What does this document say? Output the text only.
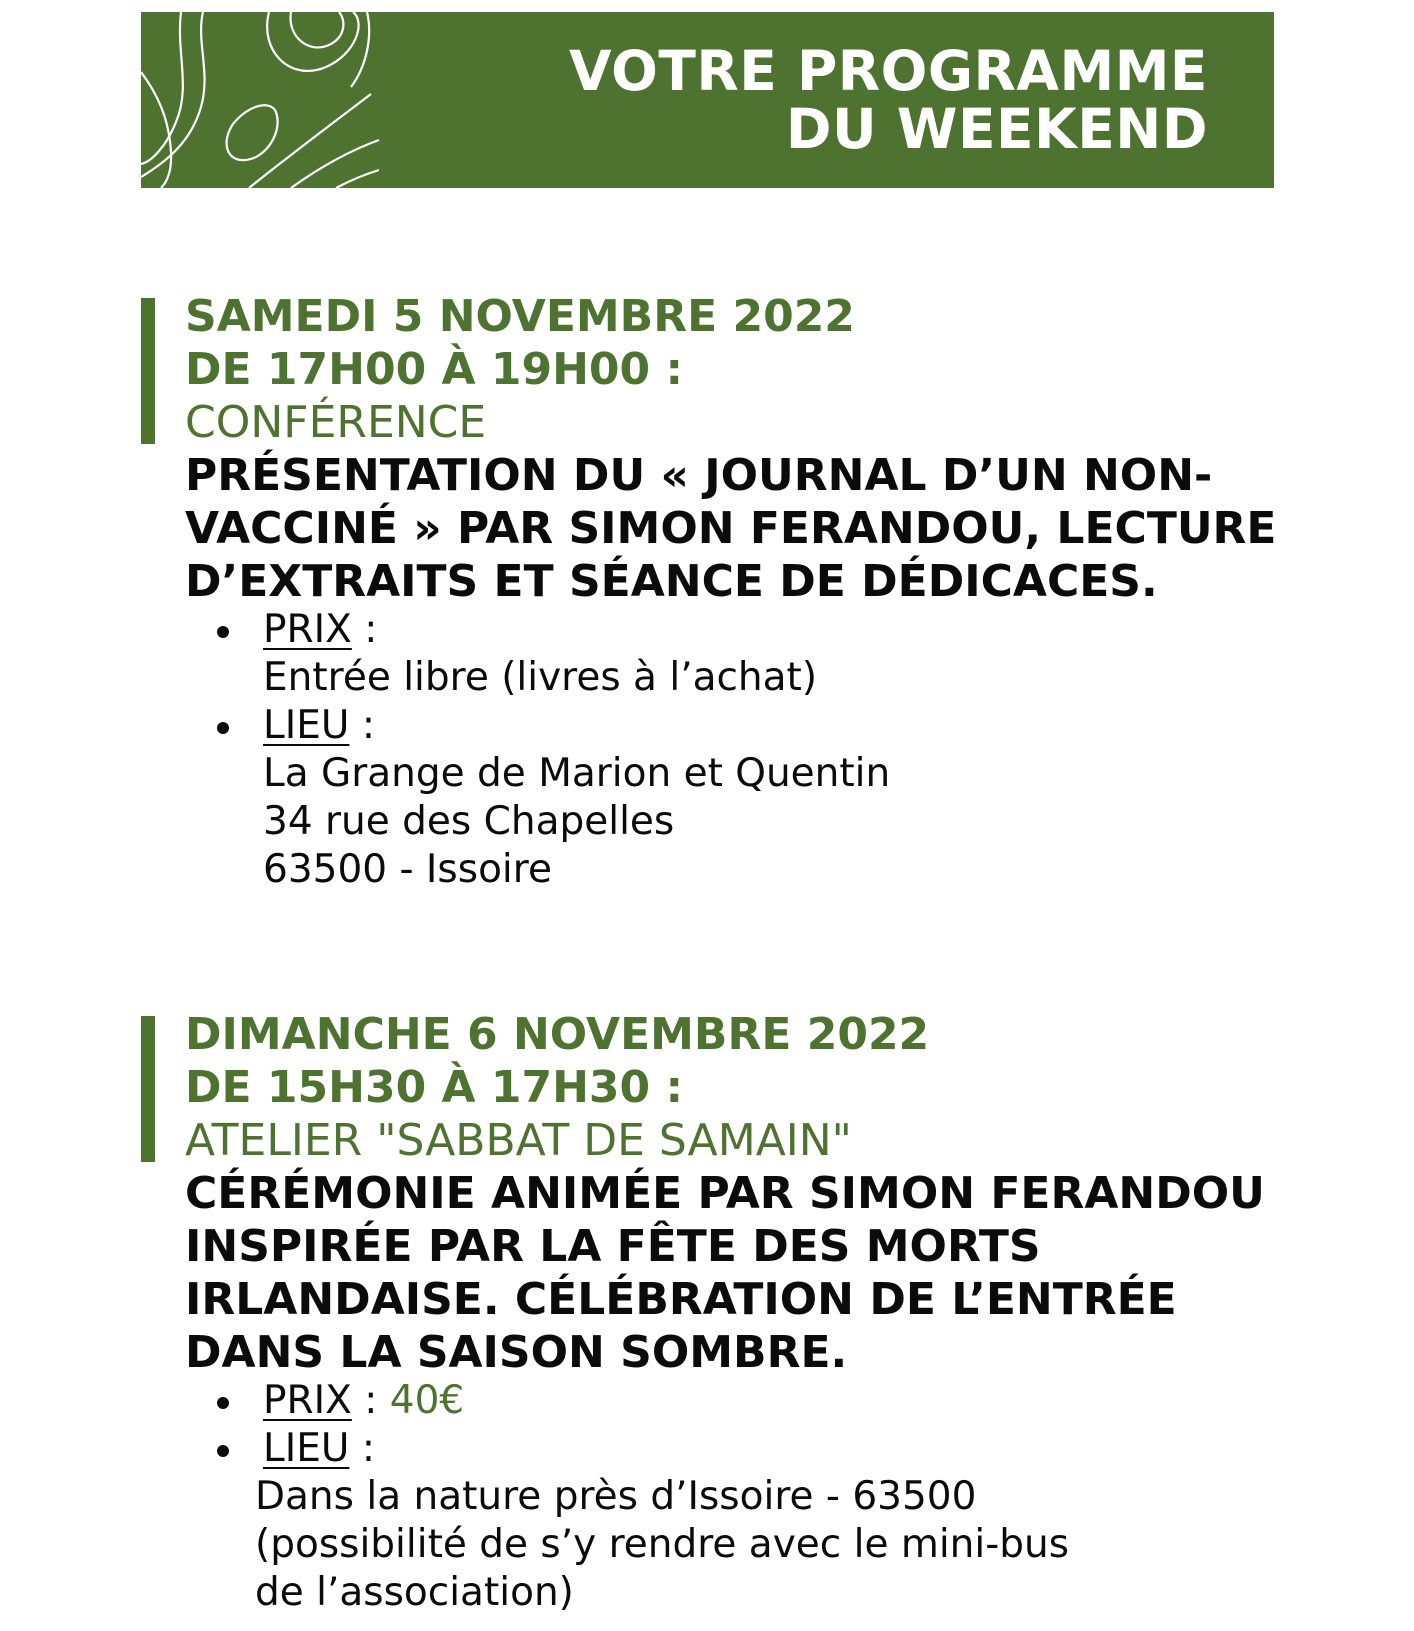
VOTRE PROGRAMME
DU WEEKEND
SAMEDI 5 NOVEMBRE 2022
DE 17H00 À 19H00 :
CONFÉRENCE
PRÉSENTATION DU « JOURNAL D’UN NON-
VACCINÉ » PAR SIMON FERANDOU, LECTURE
D’EXTRAITS ET SÉANCE DE DÉDICACES.
PRIX :
Entrée libre (livres à l’achat)
LIEU :
La Grange de Marion et Quentin
34 rue des Chapelles
63500 - Issoire
DIMANCHE 6 NOVEMBRE 2022
DE 15H30 À 17H30 :
ATELIER "SABBAT DE SAMAIN"
CÉRÉMONIE ANIMÉE PAR SIMON FERANDOU
INSPIRÉE PAR LA FÊTE DES MORTS
IRLANDAISE. CÉLÉBRATION DE L’ENTRÉE
DANS LA SAISON SOMBRE.
PRIX : 40€
LIEU :
Dans la nature près d’Issoire - 63500
(possibilité de s’y rendre avec le mini-bus
de l’association)
